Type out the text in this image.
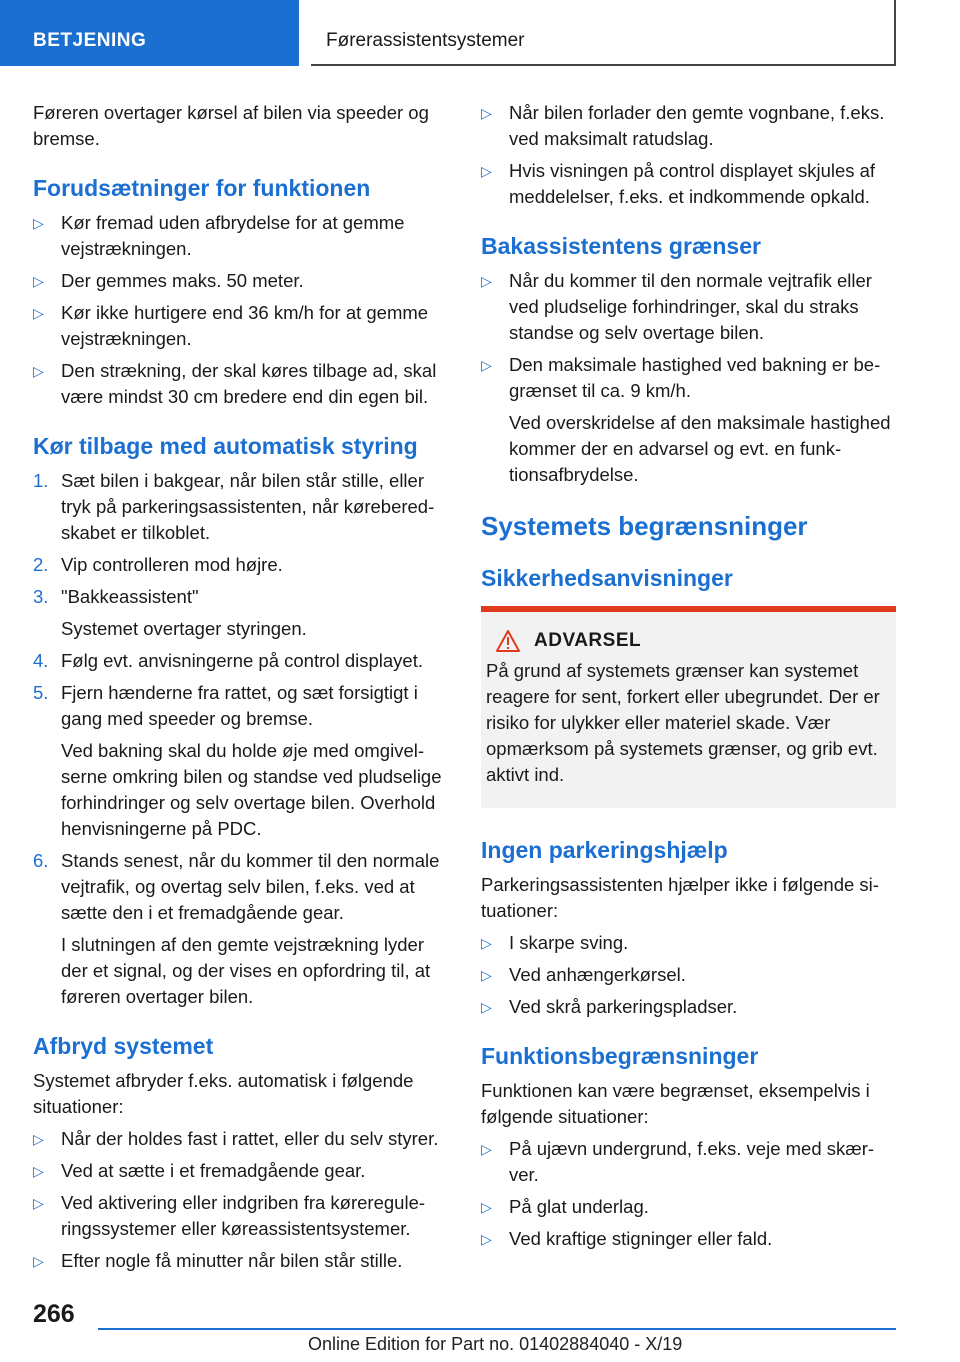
BETJENING	Førerassistentsystemer

Føreren overtager kørsel af bilen via speeder og bremse.

Forudsætninger for funktionen
▷ Kør fremad uden afbrydelse for at gemme vejstrækningen.
▷ Der gemmes maks. 50 meter.
▷ Kør ikke hurtigere end 36 km/h for at gemme vejstrækningen.
▷ Den strækning, der skal køres tilbage ad, skal være mindst 30 cm bredere end din egen bil.
Kør tilbage med automatisk styring
1. Sæt bilen i bakgear, når bilen står stille, eller tryk på parkeringsassistenten, når køreberedskabet er tilkoblet.
2. Vip controlleren mod højre.
3. "Bakkeassistent"
Systemet overtager styringen.
4. Følg evt. anvisningerne på control displayet.
5. Fjern hænderne fra rattet, og sæt forsigtigt i gang med speeder og bremse.
Ved bakning skal du holde øje med omgivelserne omkring bilen og standse ved pludselige forhindringer og selv overtage bilen. Overhold henvisningerne på PDC.
6. Stands senest, når du kommer til den normale vejtrafik, og overtag selv bilen, f.eks. ved at sætte den i et fremadgående gear.
I slutningen af den gemte vejstrækning lyder der et signal, og der vises en opfordring til, at føreren overtager bilen.
Afbryd systemet

Systemet afbryder f.eks. automatisk i følgende situationer:

▷ Når der holdes fast i rattet, eller du selv styrer.
▷ Ved at sætte i et fremadgående gear.
▷ Ved aktivering eller indgriben fra kørereguleringssystemer eller køreassistentsystemer.
▷ Efter nogle få minutter når bilen står stille.
▷ Når bilen forlader den gemte vognbane, f.eks. ved maksimalt ratudslag.
▷ Hvis visningen på control displayet skjules af meddelelser, f.eks. et indkommende opkald.
Bakassistentens grænser
▷ Når du kommer til den normale vejtrafik eller ved pludselige forhindringer, skal du straks standse og selv overtage bilen.
▷ Den maksimale hastighed ved bakning er begrænset til ca. 9 km/h.
Ved overskridelse af den maksimale hastighed kommer der en advarsel og evt. en funktionsafbrydelse.
Systemets begrænsninger
Sikkerhedsanvisninger
ADVARSEL

På grund af systemets grænser kan systemet reagere for sent, forkert eller ubegrundet. Der er risiko for ulykker eller materiel skade. Vær opmærksom på systemets grænser, og grib evt. aktivt ind.

Ingen parkeringshjælp

Parkeringsassistenten hjælper ikke i følgende situationer:

▷ I skarpe sving.
▷ Ved anhængerkørsel.
▷ Ved skrå parkeringspladser.
Funktionsbegrænsninger

Funktionen kan være begrænset, eksempelvis i følgende situationer:

▷ På ujævn undergrund, f.eks. veje med skærver.
▷ På glat underlag.
▷ Ved kraftige stigninger eller fald.
266
Online Edition for Part no. 01402884040 - X/19
